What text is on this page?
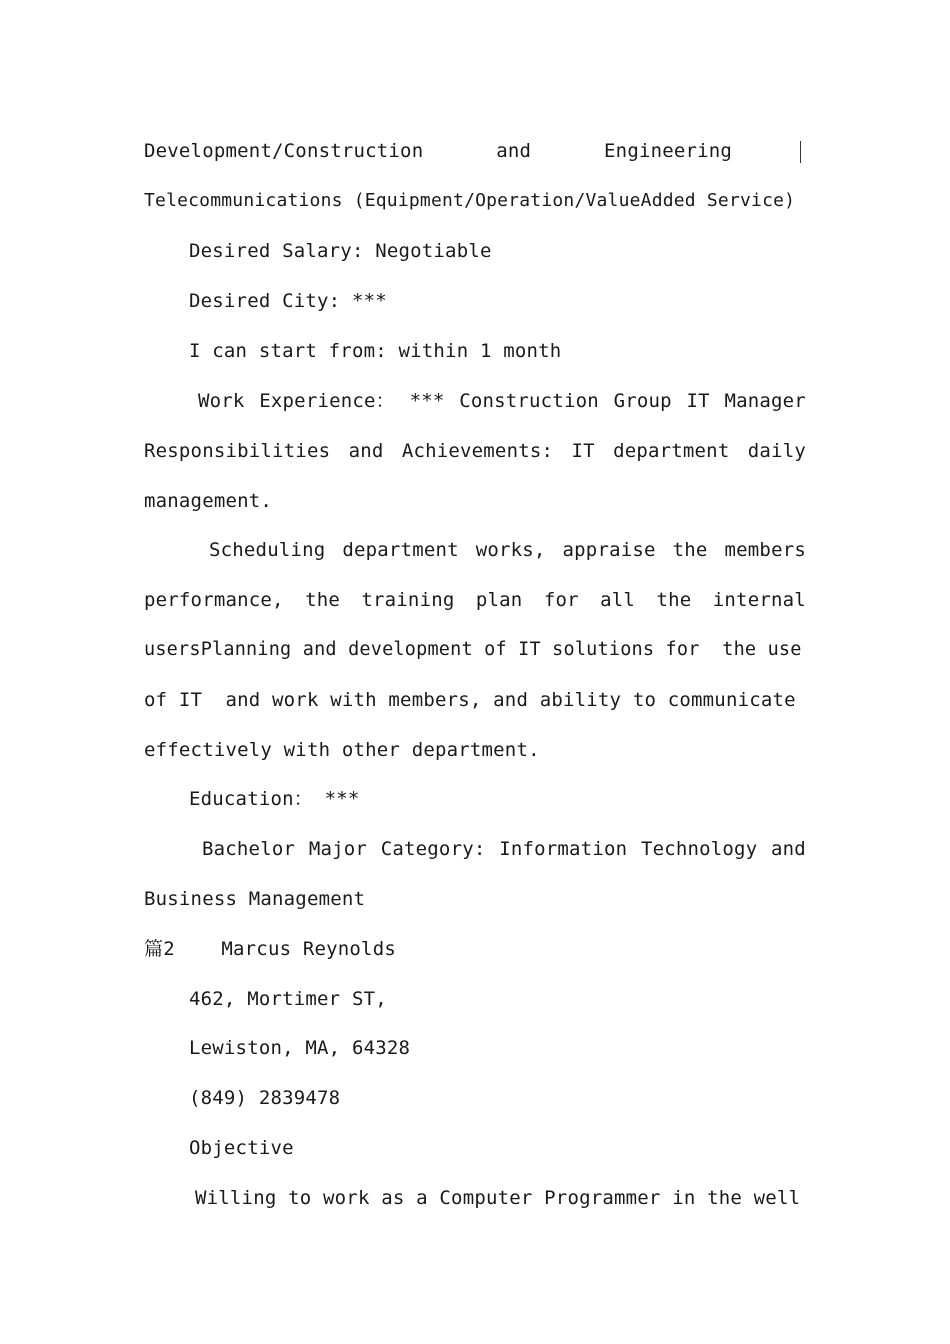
Development/Construction	and	Engineering
Telecommunications (Equipment/Operation/ValueAdded Service)
Desired Salary: Negotiable
Desired City: ***
I can start from: within 1 month
Work Experience： *** Construction Group IT Manager
Responsibilities and Achievements: IT department daily
management.
Scheduling department works, appraise the members
performance, the training plan for all the internal
usersPlanning and development of IT solutions for  the use
of IT  and work with members, and ability to communicate
effectively with other department.
Education： ***
Bachelor Major Category: Information Technology and
Business Management
篇2    Marcus Reynolds
462, Mortimer ST,
Lewiston, MA, 64328
(849) 2839478
Objective
Willing to work as a Computer Programmer in the well
